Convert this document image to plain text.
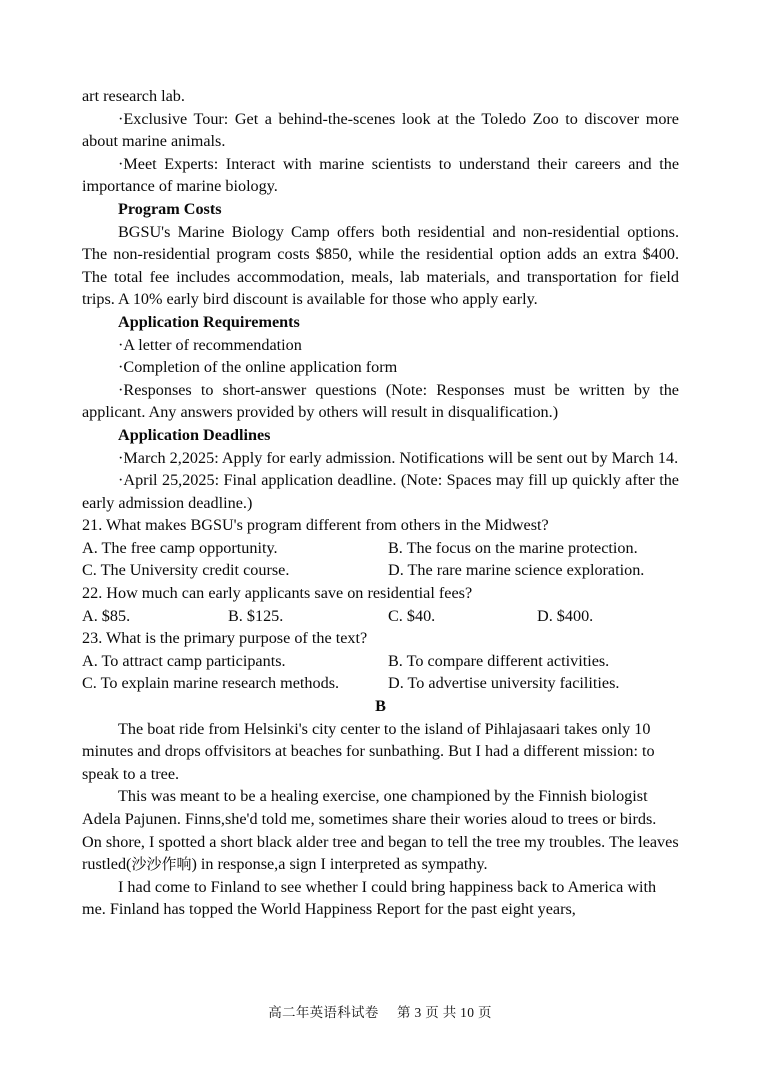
art research lab.

·Exclusive Tour: Get a behind-the-scenes look at the Toledo Zoo to discover more about marine animals.

·Meet Experts: Interact with marine scientists to understand their careers and the importance of marine biology.

Program Costs

BGSU's Marine Biology Camp offers both residential and non-residential options. The non-residential program costs $850, while the residential option adds an extra $400. The total fee includes accommodation, meals, lab materials, and transportation for field trips. A 10% early bird discount is available for those who apply early.

Application Requirements

·A letter of recommendation

·Completion of the online application form

·Responses to short-answer questions (Note: Responses must be written by the applicant. Any answers provided by others will result in disqualification.)

Application Deadlines

·March 2,2025: Apply for early admission. Notifications will be sent out by March 14.

·April 25,2025: Final application deadline. (Note: Spaces may fill up quickly after the early admission deadline.)

21. What makes BGSU's program different from others in the Midwest?

A. The free camp opportunity.	B. The focus on the marine protection.
C. The University credit course.	D. The rare marine science exploration.

22. How much can early applicants save on residential fees?

A. $85.	B. $125.	C. $40.	D. $400.

23. What is the primary purpose of the text?

A. To attract camp participants.	B. To compare different activities.
C. To explain marine research methods.	D. To advertise university facilities.

B

The boat ride from Helsinki's city center to the island of Pihlajasaari takes only 10 minutes and drops offvisitors at beaches for sunbathing. But I had a different mission: to speak to a tree.

This was meant to be a healing exercise, one championed by the Finnish biologist Adela Pajunen. Finns,she'd told me, sometimes share their wories aloud to trees or birds. On shore, I spotted a short black alder tree and began to tell the tree my troubles. The leaves rustled(沙沙作响) in response,a sign I interpreted as sympathy.

I had come to Finland to see whether I could bring happiness back to America with me. Finland has topped the World Happiness Report for the past eight years,

高二年英语科试卷 第 3 页 共 10 页
